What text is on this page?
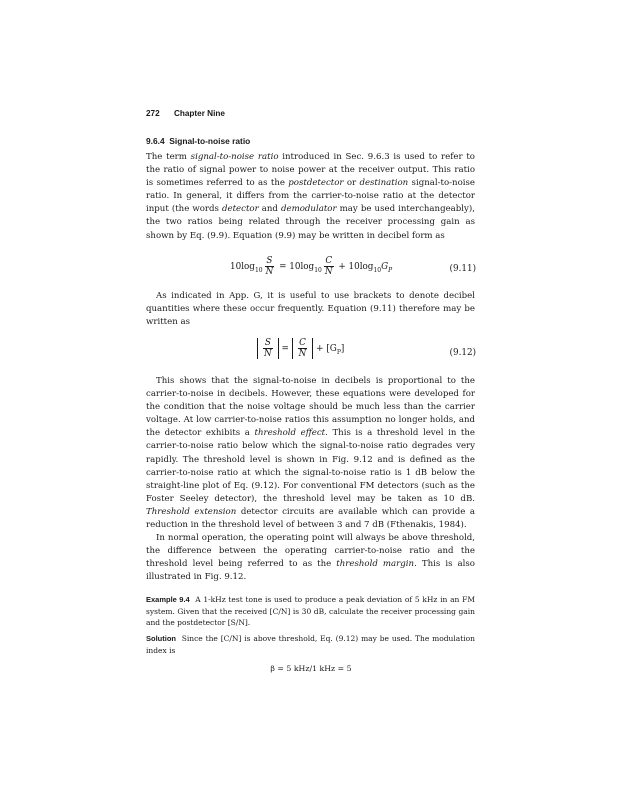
272 Chapter Nine
9.6.4 Signal-to-noise ratio

The term signal-to-noise ratio introduced in Sec. 9.6.3 is used to refer to the ratio of signal power to noise power at the receiver output. This ratio is sometimes referred to as the postdetector or destination signal-to-noise ratio. In general, it differs from the carrier-to-noise ratio at the detector input (the words detector and demodulator may be used interchangeably), the two ratios being related through the receiver processing gain as shown by Eq. (9.9). Equation (9.9) may be written in decibel form as

$10\log_{10} \frac{S}{N} = 10\log_{10} \frac{C}{N} + 10\log_{10}G_P$	(9.11)

As indicated in App. G, it is useful to use brackets to denote decibel quantities where these occur frequently. Equation (9.11) therefore may be written as

$\frac{S}{N} = \frac{C}{N} + [G_P]$	(9.12)

This shows that the signal-to-noise in decibels is proportional to the carrier-to-noise in decibels. However, these equations were developed for the condition that the noise voltage should be much less than the carrier voltage. At low carrier-to-noise ratios this assumption no longer holds, and the detector exhibits a threshold effect. This is a threshold level in the carrier-to-noise ratio below which the signal-to-noise ratio degrades very rapidly. The threshold level is shown in Fig. 9.12 and is defined as the carrier-to-noise ratio at which the signal-to-noise ratio is 1 dB below the straight-line plot of Eq. (9.12). For conventional FM detectors (such as the Foster Seeley detector), the threshold level may be taken as 10 dB. Threshold extension detector circuits are available which can provide a reduction in the threshold level of between 3 and 7 dB (Fthenakis, 1984).

In normal operation, the operating point will always be above threshold, the difference between the operating carrier-to-noise ratio and the threshold level being referred to as the threshold margin. This is also illustrated in Fig. 9.12.

Example 9.4 A 1-kHz test tone is used to produce a peak deviation of 5 kHz in an FM system. Given that the received [C/N] is 30 dB, calculate the receiver processing gain and the postdetector [S/N].

Solution Since the [C/N] is above threshold, Eq. (9.12) may be used. The modulation index is

β = 5 kHz/1 kHz = 5
